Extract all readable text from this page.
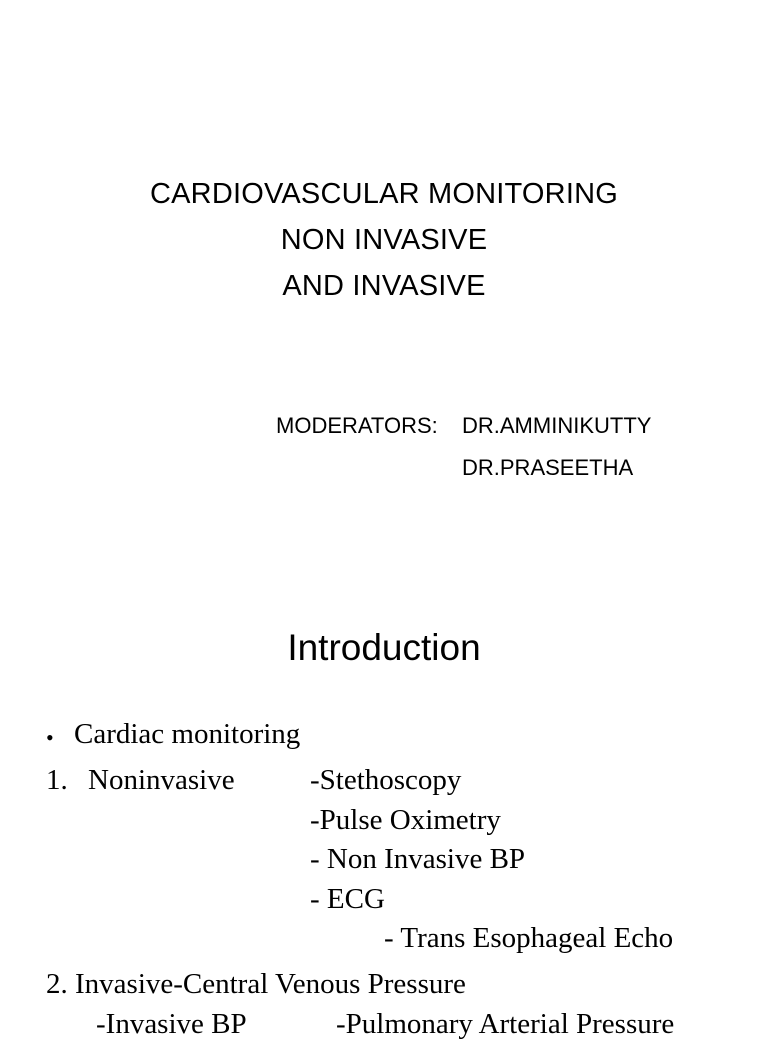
CARDIOVASCULAR MONITORING
NON INVASIVE
AND INVASIVE
MODERATORS: DR.AMMINIKUTTY
DR.PRASEETHA
Introduction
• Cardiac monitoring
1. Noninvasive	-Stethoscopy
-Pulse Oximetry
- Non Invasive BP
- ECG
- Trans Esophageal Echo
2. Invasive-Central Venous Pressure
-Invasive BP	-Pulmonary Arterial Pressure
